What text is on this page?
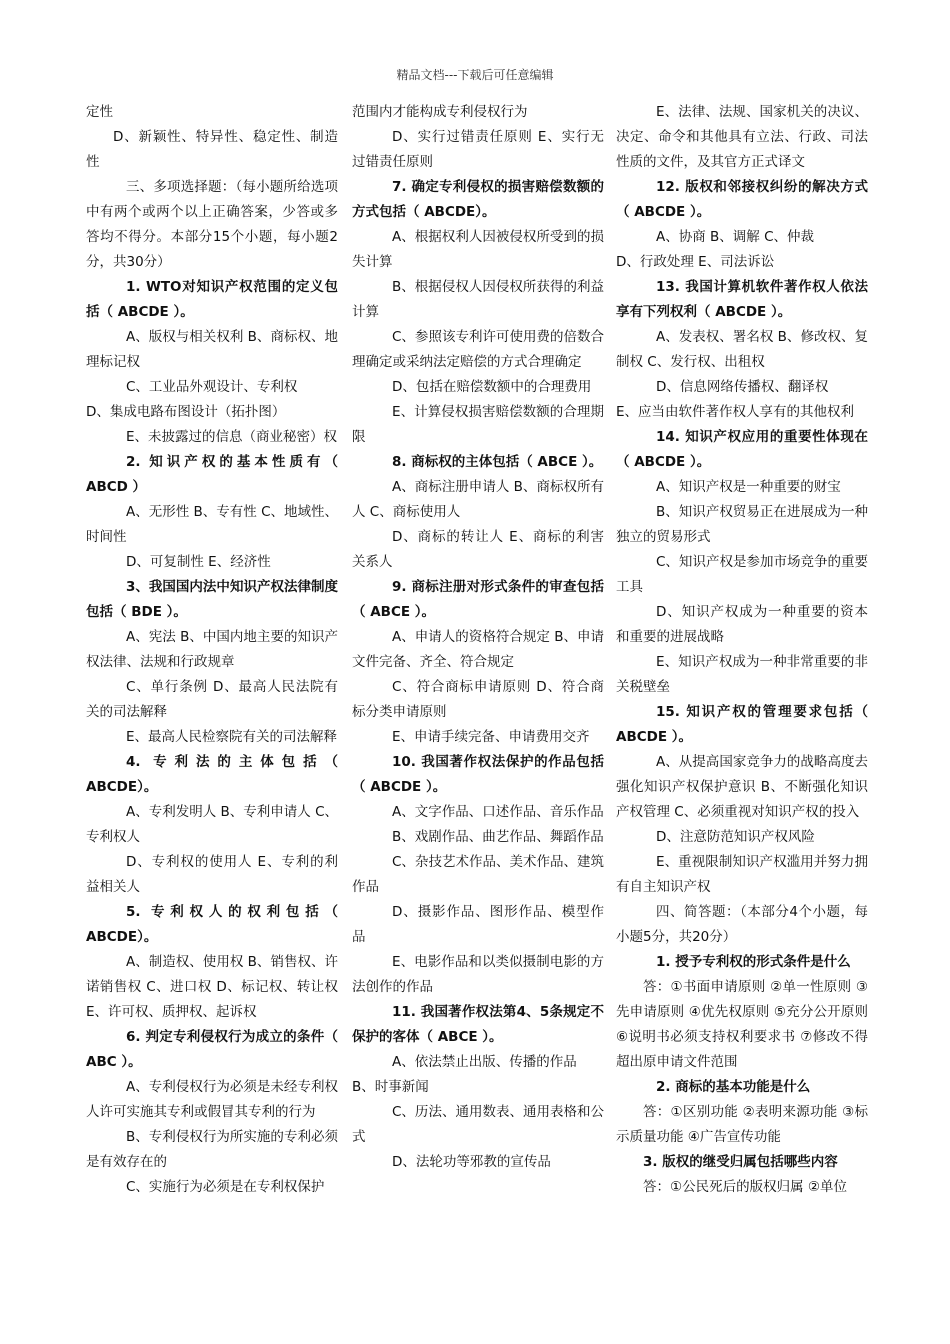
精品文档---下载后可任意编辑

定性

D、新颖性、特异性、稳定性、制造性

三、多项选择题：（每小题所给选项中有两个或两个以上正确答案，少答或多答均不得分。本部分15个小题，每小题2分，共30分）

1. WTO对知识产权范围的定义包括（ ABCDE ）。

A、版权与相关权利 B、商标权、地理标记权

C、工业品外观设计、专利权

D、集成电路布图设计（拓扑图）

E、未披露过的信息（商业秘密）权

2. 知识产权的基本性质有（ ABCD ）

A、无形性 B、专有性 C、地域性、时间性

D、可复制性 E、经济性

3、我国国内法中知识产权法律制度包括（ BDE ）。

A、宪法 B、中国内地主要的知识产权法律、法规和行政规章

C、单行条例 D、最高人民法院有关的司法解释

E、最高人民检察院有关的司法解释

4. 专利法的主体包括（ ABCDE）。

A、专利发明人 B、专利申请人 C、专利权人

D、专利权的使用人 E、专利的利益相关人

5. 专利权人的权利包括（ ABCDE）。

A、制造权、使用权 B、销售权、许诺销售权 C、进口权 D、标记权、转让权 E、许可权、质押权、起诉权

6. 判定专利侵权行为成立的条件（ ABC ）。

A、专利侵权行为必须是未经专利权人许可实施其专利或假冒其专利的行为

B、专利侵权行为所实施的专利必须是有效存在的

C、实施行为必须是在专利权保护

范围内才能构成专利侵权行为

D、实行过错责任原则 E、实行无过错责任原则

7. 确定专利侵权的损害赔偿数额的方式包括（ ABCDE）。

A、根据权利人因被侵权所受到的损失计算

B、根据侵权人因侵权所获得的利益计算

C、参照该专利许可使用费的倍数合理确定或采纳法定赔偿的方式合理确定

D、包括在赔偿数额中的合理费用

E、计算侵权损害赔偿数额的合理期限

8. 商标权的主体包括（ ABCE ）。

A、商标注册申请人 B、商标权所有人 C、商标使用人

D、商标的转让人 E、商标的利害关系人

9. 商标注册对形式条件的审查包括（ ABCE ）。

A、申请人的资格符合规定 B、申请文件完备、齐全、符合规定

C、符合商标申请原则 D、符合商标分类申请原则

E、申请手续完备、申请费用交齐

10. 我国著作权法保护的作品包括（ ABCDE ）。

A、文字作品、口述作品、音乐作品

B、戏剧作品、曲艺作品、舞蹈作品

C、杂技艺术作品、美术作品、建筑作品

D、摄影作品、图形作品、模型作品

E、电影作品和以类似摄制电影的方法创作的作品

11. 我国著作权法第4、5条规定不保护的客体（ ABCE ）。

A、依法禁止出版、传播的作品

B、时事新闻

C、历法、通用数表、通用表格和公式

D、法轮功等邪教的宣传品

E、法律、法规、国家机关的决议、决定、命令和其他具有立法、行政、司法性质的文件，及其官方正式译文

12. 版权和邻接权纠纷的解决方式（ ABCDE ）。

A、协商 B、调解 C、仲裁

D、行政处理 E、司法诉讼

13. 我国计算机软件著作权人依法享有下列权利（ ABCDE ）。

A、发表权、署名权 B、修改权、复制权 C、发行权、出租权

D、信息网络传播权、翻译权

E、应当由软件著作权人享有的其他权利

14. 知识产权应用的重要性体现在（ ABCDE ）。

A、知识产权是一种重要的财宝

B、知识产权贸易正在进展成为一种独立的贸易形式

C、知识产权是参加市场竞争的重要工具

D、知识产权成为一种重要的资本和重要的进展战略

E、知识产权成为一种非常重要的非关税壁垒

15. 知识产权的管理要求包括（ ABCDE ）。

A、从提高国家竞争力的战略高度去强化知识产权保护意识 B、不断强化知识产权管理 C、必须重视对知识产权的投入

D、注意防范知识产权风险

E、重视限制知识产权滥用并努力拥有自主知识产权

四、简答题：（本部分4个小题，每小题5分，共20分）

1. 授予专利权的形式条件是什么

答：①书面申请原则 ②单一性原则 ③先申请原则 ④优先权原则 ⑤充分公开原则 ⑥说明书必须支持权利要求书 ⑦修改不得超出原申请文件范围

2. 商标的基本功能是什么

答：①区别功能 ②表明来源功能 ③标示质量功能 ④广告宣传功能

3. 版权的继受归属包括哪些内容

答：①公民死后的版权归属 ②单位
